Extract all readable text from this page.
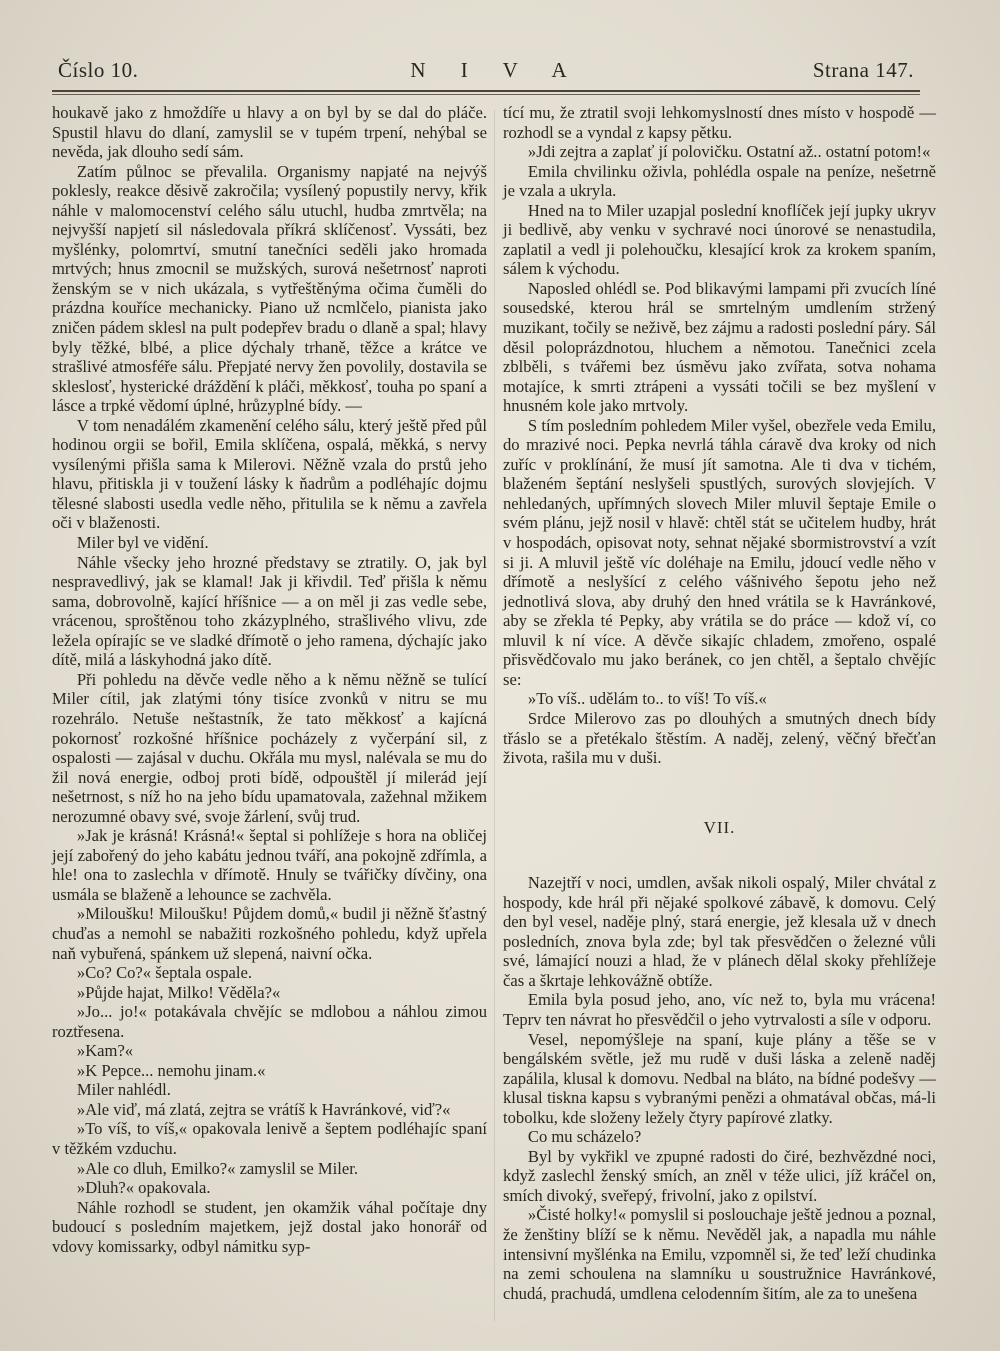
Číslo 10.	N I V A	Strana 147.

houkavě jako z hmoždíře u hlavy a on byl by se dal do pláče. Spustil hlavu do dlaní, zamyslil se v tupém trpení, nehýbal se nevěda, jak dlouho sedí sám.

Zatím půlnoc se převalila. Organismy napjaté na nejvýš poklesly, reakce děsivě zakročila; vysílený popustily nervy, křik náhle v malomocenství celého sálu utuchl, hudba zmrtvěla; na nejvyšší napjetí sil následovala příkrá sklíčenosť. Vyssáti, bez myšlénky, polomrtví, smutní tanečníci seděli jako hromada mrtvých; hnus zmocnil se mužských, surová nešetrnosť naproti ženským se v nich ukázala, s vytřeštěnýma očima čuměli do prázdna kouříce mechanicky. Piano už ncmlčelo, pianista jako zničen pádem sklesl na pult podepřev bradu o dlaně a spal; hlavy byly těžké, blbé, a plice dýchaly trhaně, těžce a krátce ve strašlivé atmosféře sálu. Přepjaté nervy žen povolily, dostavila se skleslosť, hysterické dráždění k pláči, měkkosť, touha po spaní a lásce a trpké vědomí úplné, hrůzyplné bídy. —

V tom nenadálém zkamenění celého sálu, který ještě před půl hodinou orgii se bořil, Emila sklíčena, ospalá, měkká, s nervy vysílenými přišla sama k Milerovi. Něžně vzala do prstů jeho hlavu, přitiskla ji v toužení lásky k ňadrům a podléhajíc dojmu tělesné slabosti usedla vedle něho, přitulila se k němu a zavřela oči v blaženosti.

Miler byl ve vidění.

Náhle všecky jeho hrozné představy se ztratily. O, jak byl nespravedlivý, jak se klamal! Jak ji křivdil. Teď přišla k němu sama, dobrovolně, kající hříšnice — a on měl ji zas vedle sebe, vrácenou, sproštěnou toho zkázyplného, strašlivého vlivu, zde ležela opírajíc se ve sladké dřímotě o jeho ramena, dýchajíc jako dítě, milá a láskyhodná jako dítě.

Při pohledu na děvče vedle něho a k němu něžně se tulící Miler cítil, jak zlatými tóny tisíce zvonků v nitru se mu rozehrálo. Netuše neštastník, že tato měkkosť a kajícná pokornosť rozkošné hříšnice pocházely z vyčerpání sil, z ospalosti — zajásal v duchu. Okřála mu mysl, nalévala se mu do žil nová energie, odboj proti bídě, odpouštěl jí milerád její nešetrnost, s níž ho na jeho bídu upamatovala, zažehnal mžikem nerozumné obavy své, svoje žárlení, svůj trud.

»Jak je krásná! Krásná!« šeptal si pohlížeje s hora na obličej její zabořený do jeho kabátu jednou tváří, ana pokojně zdřímla, a hle! ona to zaslechla v dřímotě. Hnuly se tvářičky dívčiny, ona usmála se blaženě a lehounce se zachvěla.

»Miloušku! Miloušku! Půjdem domů,« budil ji něžně šťastný chuďas a nemohl se nabažiti rozkošného pohledu, když upřela naň vybuřená, spánkem už slepená, naivní očka.

»Co? Co?« šeptala ospale.

»Půjde hajat, Milko! Věděla?«

»Jo... jo!« potakávala chvějíc se mdlobou a náhlou zimou roztřesena.

»Kam?«

»K Pepce... nemohu jinam.«

Miler nahlédl.

»Ale viď, má zlatá, zejtra se vrátíš k Havránkové, viď?«

»To víš, to víš,« opakovala lenivě a šeptem podléhajíc spaní v těžkém vzduchu.

»Ale co dluh, Emilko?« zamyslil se Miler.

»Dluh?« opakovala.

Náhle rozhodl se student, jen okamžik váhal počítaje dny budoucí s posledním majetkem, jejž dostal jako honorář od vdovy komissarky, odbyl námitku syp-

tící mu, že ztratil svoji lehkomyslností dnes místo v hospodě — rozhodl se a vyndal z kapsy pětku.

»Jdi zejtra a zaplať jí polovičku. Ostatní až.. ostatní potom!«

Emila chvilinku oživla, pohlédla ospale na peníze, nešetrně je vzala a ukryla.

Hned na to Miler uzapjal poslední knoflíček její jupky ukryv ji bedlivě, aby venku v sychravé noci únorové se nenastudila, zaplatil a vedl ji polehoučku, klesající krok za krokem spaním, sálem k východu.

Naposled ohlédl se. Pod blikavými lampami při zvucích líné sousedské, kterou hrál se smrtelným umdlením stržený muzikant, točily se neživě, bez zájmu a radosti poslední páry. Sál děsil poloprázdnotou, hluchem a němotou. Tanečnici zcela zblběli, s tvářemi bez úsměvu jako zvířata, sotva nohama motajíce, k smrti ztrápeni a vyssáti točili se bez myšlení v hnusném kole jako mrtvoly.

S tím posledním pohledem Miler vyšel, obezřele veda Emilu, do mrazivé noci. Pepka nevrlá táhla cáravě dva kroky od nich zuříc v proklínání, že musí jít samotna. Ale ti dva v tichém, blaženém šeptání neslyšeli spustlých, surových slovjejích. V nehledaných, upřímných slovech Miler mluvil šeptaje Emile o svém plánu, jejž nosil v hlavě: chtěl stát se učitelem hudby, hrát v hospodách, opisovat noty, sehnat nějaké sbormistrovství a vzít si ji. A mluvil ještě víc doléhaje na Emilu, jdoucí vedle něho v dřímotě a neslyšící z celého vášnivého šepotu jeho než jednotlivá slova, aby druhý den hned vrátila se k Havránkové, aby se zřekla té Pepky, aby vrátila se do práce — kdož ví, co mluvil k ní více. A děvče sikajíc chladem, zmořeno, ospalé přisvědčovalo mu jako beránek, co jen chtěl, a šeptalo chvějíc se:

»To víš.. udělám to.. to víš! To víš.«

Srdce Milerovo zas po dlouhých a smutných dnech bídy třáslo se a přetékalo štěstím. A naděj, zelený, věčný břečťan života, rašila mu v duši.

VII.

Nazejtří v noci, umdlen, avšak nikoli ospalý, Miler chvátal z hospody, kde hrál při nějaké spolkové zábavě, k domovu. Celý den byl vesel, naděje plný, stará energie, jež klesala už v dnech posledních, znova byla zde; byl tak přesvědčen o železné vůli své, lámající nouzi a hlad, že v plánech dělal skoky přehlížeje čas a škrtaje lehkovážně obtíže.

Emila byla posud jeho, ano, víc než to, byla mu vrácena! Teprv ten návrat ho přesvědčil o jeho vytrvalosti a síle v odporu.

Vesel, nepomýšleje na spaní, kuje plány a těše se v bengálském světle, jež mu rudě v duši láska a zeleně naděj zapálila, klusal k domovu. Nedbal na bláto, na bídné podešvy — klusal tiskna kapsu s vybranými penězi a ohmatával občas, má-li tobolku, kde složeny ležely čtyry papírové zlatky.

Co mu scházelo?

Byl by vykřikl ve zpupné radosti do čiré, bezhvězdné noci, když zaslechl ženský smích, an zněl v téže ulici, jíž kráčel on, smích divoký, sveřepý, frivolní, jako z opilství.

»Čisté holky!« pomyslil si poslouchaje ještě jednou a poznal, že ženštiny blíží se k němu. Nevěděl jak, a napadla mu náhle intensivní myšlénka na Emilu, vzpomněl si, že teď leží chudinka na zemi schoulena na slamníku u soustružnice Havránkové, chudá, prachudá, umdlena celodenním šitím, ale za to unešena
